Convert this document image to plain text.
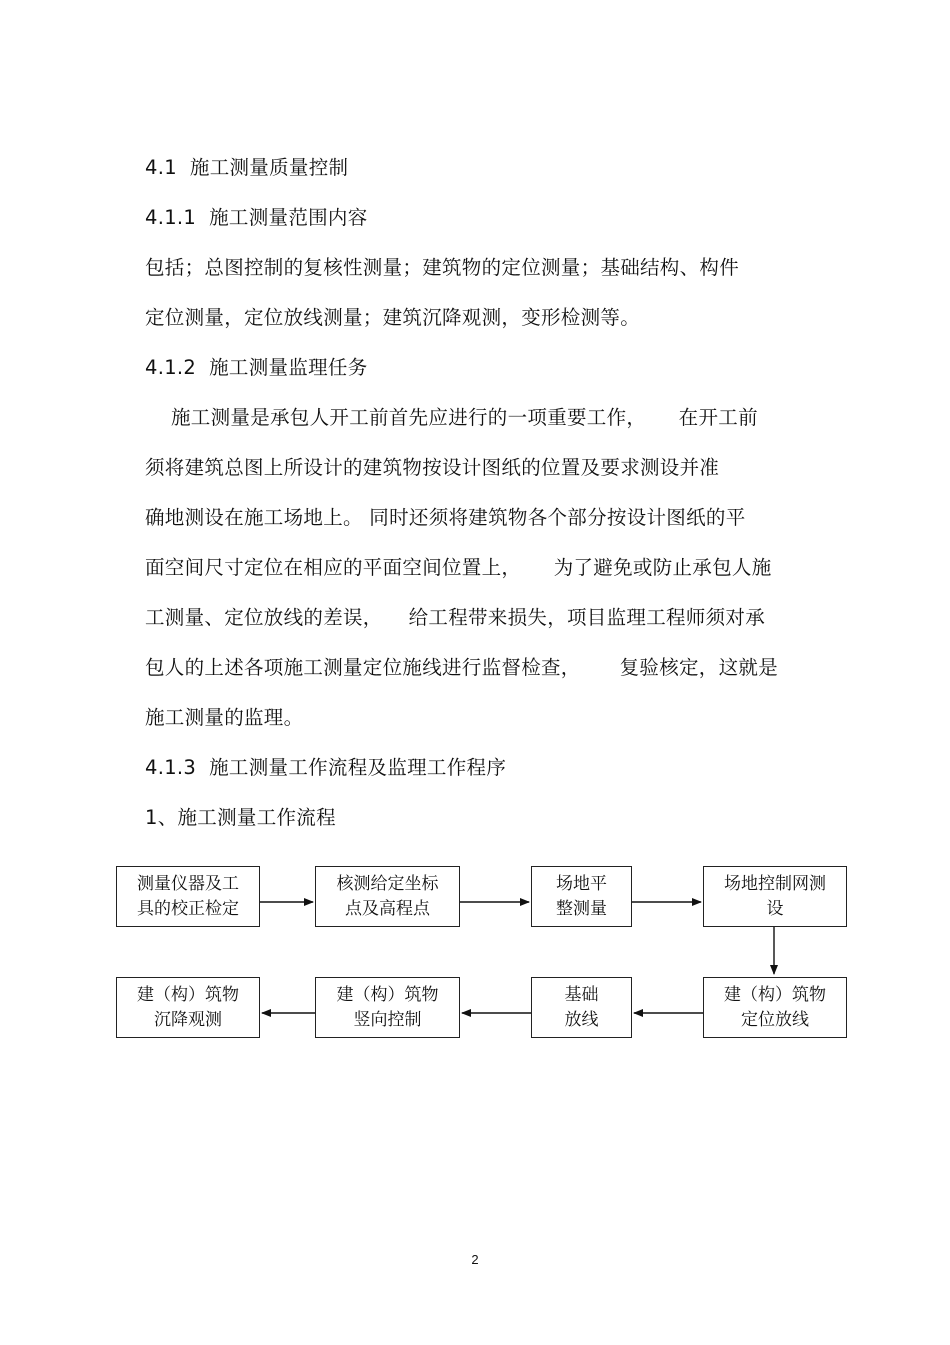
4.1  施工测量质量控制
4.1.1  施工测量范围内容
包括；总图控制的复核性测量；建筑物的定位测量；基础结构、构件
定位测量，定位放线测量；建筑沉降观测，变形检测等。
4.1.2  施工测量监理任务
施工测量是承包人开工前首先应进行的一项重要工作，     在开工前
须将建筑总图上所设计的建筑物按设计图纸的位置及要求测设并准
确地测设在施工场地上。 同时还须将建筑物各个部分按设计图纸的平
面空间尺寸定位在相应的平面空间位置上，     为了避免或防止承包人施
工测量、定位放线的差误，    给工程带来损失，项目监理工程师须对承
包人的上述各项施工测量定位施线进行监督检查，      复验核定，这就是
施工测量的监理。
4.1.3  施工测量工作流程及监理工作程序
1、施工测量工作流程
测量仪器及工
具的校正检定
核测给定坐标
点及高程点
场地平
整测量
场地控制网测
设
建（构）筑物
沉降观测
建（构）筑物
竖向控制
基础
放线
建（构）筑物
定位放线
2
